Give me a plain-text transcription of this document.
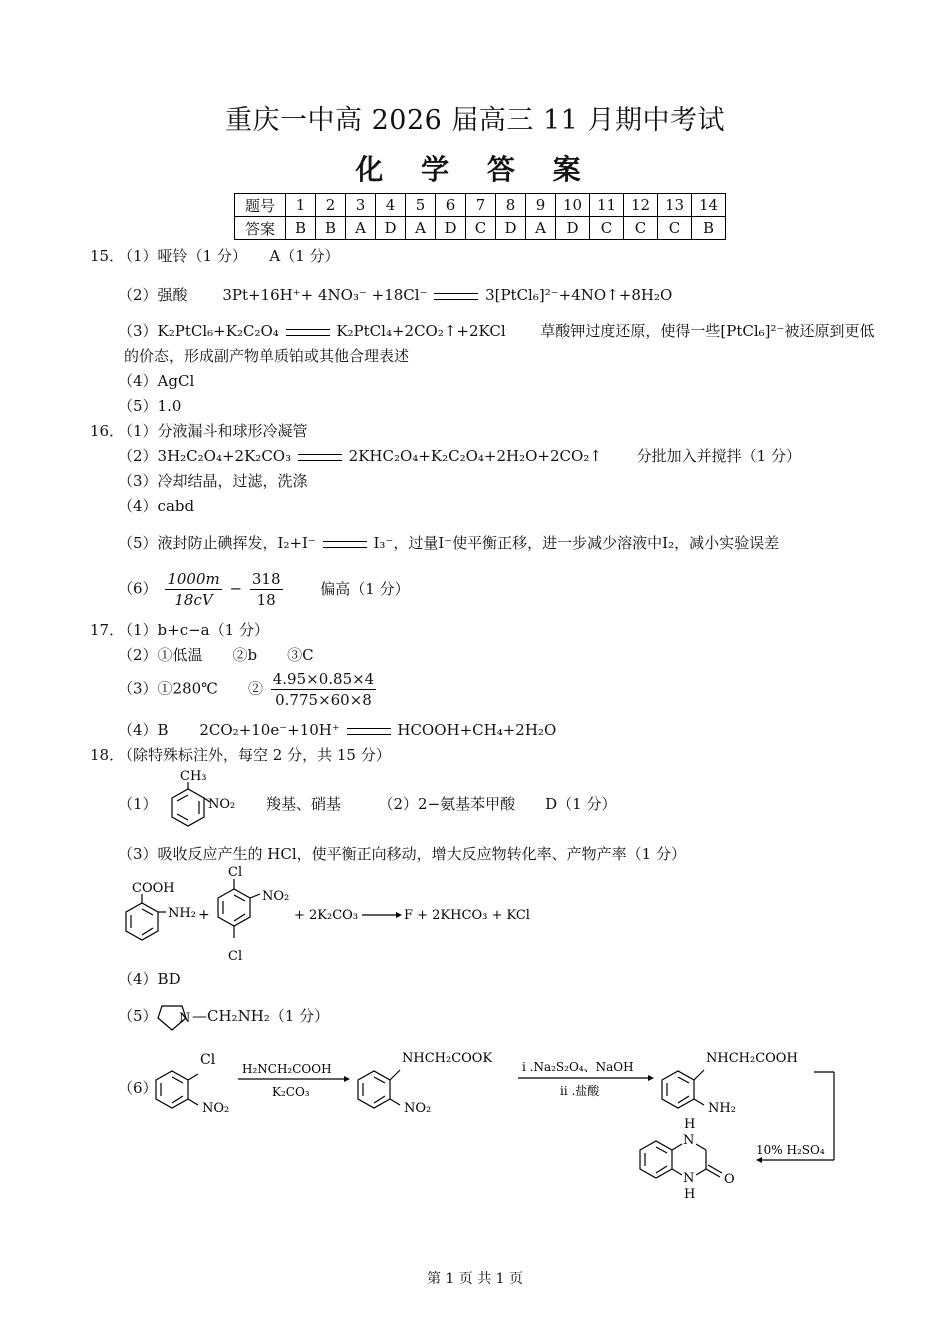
重庆一中高 2026 届高三 11 月期中考试
化 学 答 案
题号	1	2	3	4	5	6	7	8	9	10	11	12	13	14
答案	B	B	A	D	A	D	C	D	A	D	C	C	C	B
15．
（1）哑铃（1 分）　　A（1 分）
（2）强酸 3Pt+16H⁺+ 4NO₃⁻ +18Cl⁻	3[PtCl₆]²⁻+4NO↑+8H₂O
（3）K₂PtCl₆+K₂C₂O₄	K₂PtCl₄+2CO₂↑+2KCl 草酸钾过度还原，使得一些[PtCl₆]²⁻被还原到更低
的价态，形成副产物单质铂或其他合理表述
（4）AgCl
（5）1.0
16．
（1）分液漏斗和球形冷凝管
（2）3H₂C₂O₄+2K₂CO₃	2KHC₂O₄+K₂C₂O₄+2H₂O+2CO₂↑ 分批加入并搅拌（1 分）
（3）冷却结晶，过滤，洗涤
（4）cabd
（5）液封防止碘挥发，I₂+I⁻	I₃⁻，过量I⁻使平衡正移，进一步减少溶液中I₂，减小实验误差
$(6) \frac{1000m}{18cV} - \frac{318}{18}$	偏高（1 分）
17．
（1）b+c−a（1 分）
（2）①低温　　②b　　③C
（3）①280℃　　② $\frac{4.95\times 0.85\times 4}{0.775\times 60\times 8}$
（4）B 2CO₂+10e⁻+10H⁺	HCOOH+CH₄+2H₂O
18．
（除特殊标注外，每空 2 分，共 15 分）
（1）
CH₃
NO₂ 羧基、硝基　　　（2）2−氨基苯甲酸　　D（1 分）
（3）吸收反应产生的 HCl，使平衡正向移动，增大反应物转化率、产物产率（1 分）
COOH
NH₂ +
Cl
Cl
NO₂
+ 2K₂CO₃	F + 2KHCO₃ + KCl
（4）BD
（5） N —CH₂NH₂（1 分）
（6）
Cl
NO₂
H₂NCH₂COOH
K₂CO₃
NHCH₂COOK
NO₂
ⅰ .Na₂S₂O₄、NaOH
ⅱ .盐酸
NHCH₂COOH
NH₂
10% H₂SO₄
H
N
N
H
O
第 1 页 共 1 页
